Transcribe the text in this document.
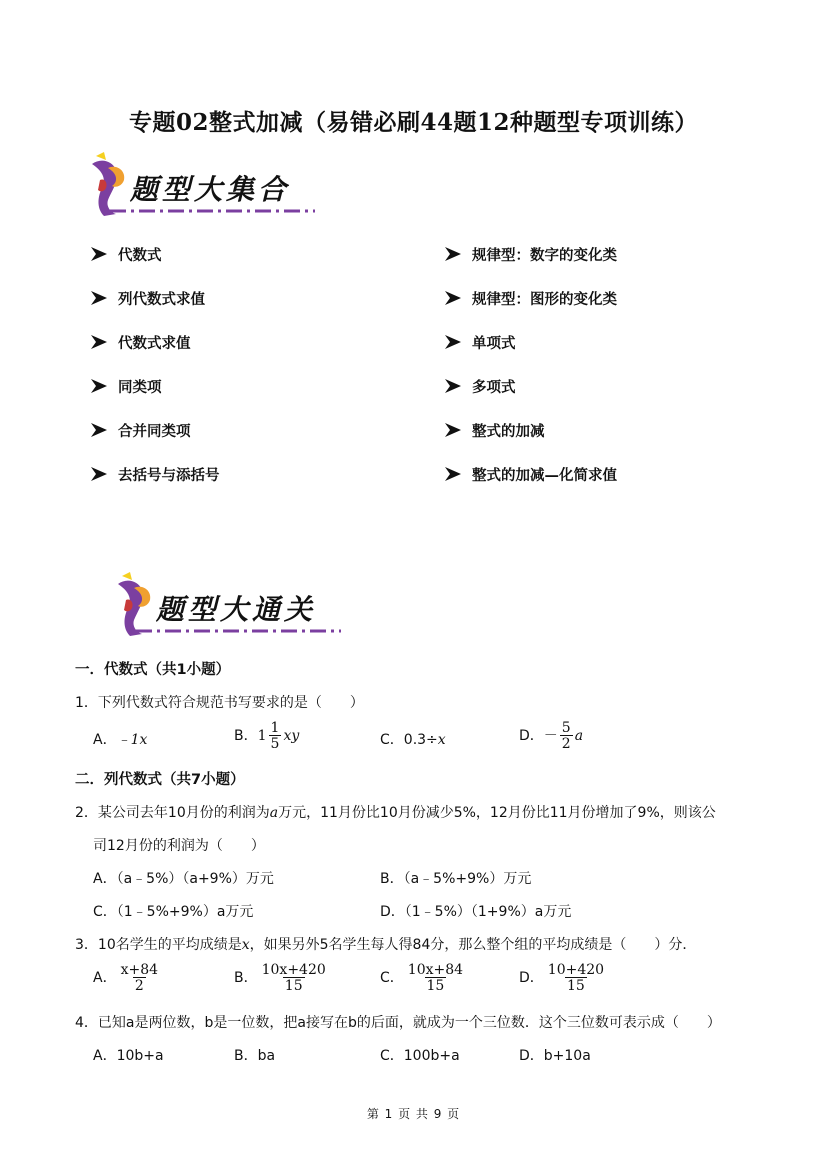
专题02整式加减（易错必刷44题12种题型专项训练）
题型大集合
代数式
列代数式求值
代数式求值
同类项
合并同类项
去括号与添括号
规律型：数字的变化类
规律型：图形的变化类
单项式
多项式
整式的加减
整式的加减—化简求值
题型大通关
一．代数式（共1小题）
1．下列代数式符合规范书写要求的是（　　）
A．﹣1x	B．$1 \frac{1}{5}$ xy	C．0.3÷x	D．－ $\frac{5}{2}$ a
二．列代数式（共7小题）
2．某公司去年10月份的利润为a万元，11月份比10月份减少5%，12月份比11月份增加了9%，则该公
司12月份的利润为（　　）
A．（a﹣5%）（a+9%）万元	B．（a﹣5%+9%）万元
C．（1﹣5%+9%）a万元	D．（1﹣5%）（1+9%）a万元
3．10名学生的平均成绩是x，如果另外5名学生每人得84分，那么整个组的平均成绩是（　　）分．
A． $\frac{x+84}{2}$	B． $\frac{10x+420}{15}$	C． $\frac{10x+84}{15}$	D． $\frac{10+420}{15}$
4．已知a是两位数，b是一位数，把a接写在b的后面，就成为一个三位数．这个三位数可表示成（　　）
A．10b+a	B．ba	C．100b+a	D．b+10a
第 1 页 共 9 页
